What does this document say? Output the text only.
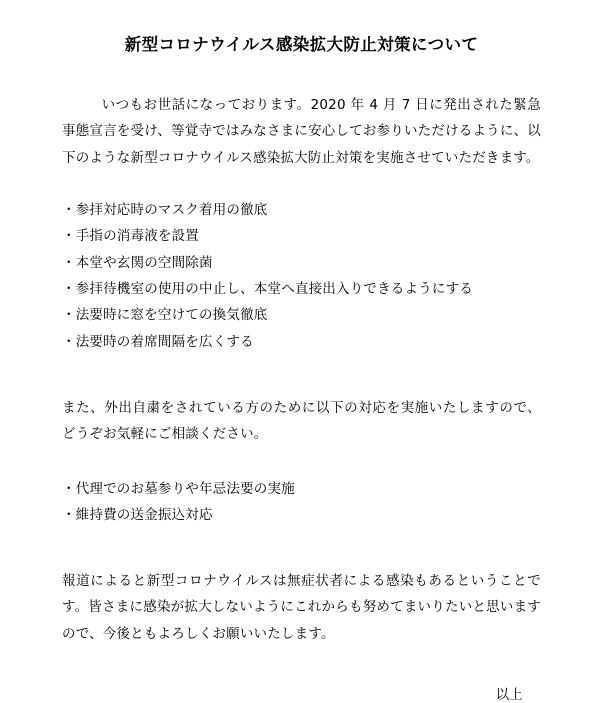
新型コロナウイルス感染拡大防止対策について

　いつもお世話になっております。2020 年 4 月 7 日に発出された緊急事態宣言を受け、等覚寺ではみなさまに安心してお参りいただけるように、以下のような新型コロナウイルス感染拡大防止対策を実施させていただきます。

・参拝対応時のマスク着用の徹底
・手指の消毒液を設置
・本堂や玄関の空間除菌
・参拝待機室の使用の中止し、本堂へ直接出入りできるようにする
・法要時に窓を空けての換気徹底
・法要時の着席間隔を広くする

また、外出自粛をされている方のために以下の対応を実施いたしますので、どうぞお気軽にご相談ください。

・代理でのお墓参りや年忌法要の実施
・維持費の送金振込対応

報道によると新型コロナウイルスは無症状者による感染もあるということです。皆さまに感染が拡大しないようにこれからも努めてまいりたいと思いますので、今後ともよろしくお願いいたします。

以上
